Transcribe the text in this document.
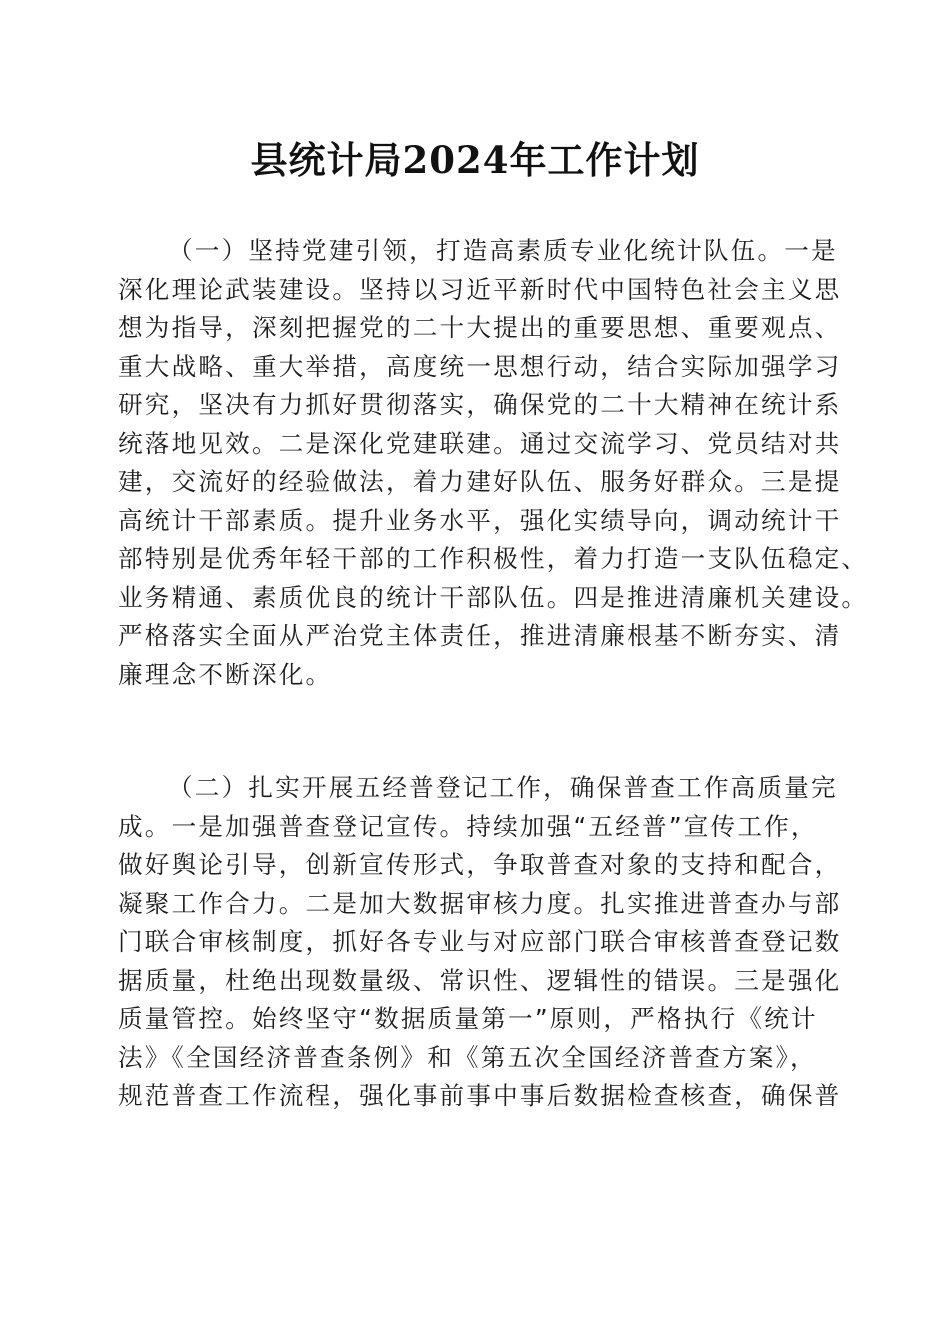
县统计局2024年工作计划
（一）坚持党建引领，打造高素质专业化统计队伍。一是
深化理论武装建设。坚持以习近平新时代中国特色社会主义思
想为指导，深刻把握党的二十大提出的重要思想、重要观点、
重大战略、重大举措，高度统一思想行动，结合实际加强学习
研究，坚决有力抓好贯彻落实，确保党的二十大精神在统计系
统落地见效。二是深化党建联建。通过交流学习、党员结对共
建，交流好的经验做法，着力建好队伍、服务好群众。三是提
高统计干部素质。提升业务水平，强化实绩导向，调动统计干
部特别是优秀年轻干部的工作积极性，着力打造一支队伍稳定、
业务精通、素质优良的统计干部队伍。四是推进清廉机关建设。
严格落实全面从严治党主体责任，推进清廉根基不断夯实、清
廉理念不断深化。
（二）扎实开展五经普登记工作，确保普查工作高质量完
成。一是加强普查登记宣传。持续加强“五经普”宣传工作，
做好舆论引导，创新宣传形式，争取普查对象的支持和配合，
凝聚工作合力。二是加大数据审核力度。扎实推进普查办与部
门联合审核制度，抓好各专业与对应部门联合审核普查登记数
据质量，杜绝出现数量级、常识性、逻辑性的错误。三是强化
质量管控。始终坚守“数据质量第一”原则，严格执行《统计
法》《全国经济普查条例》和《第五次全国经济普查方案》，
规范普查工作流程，强化事前事中事后数据检查核查，确保普
